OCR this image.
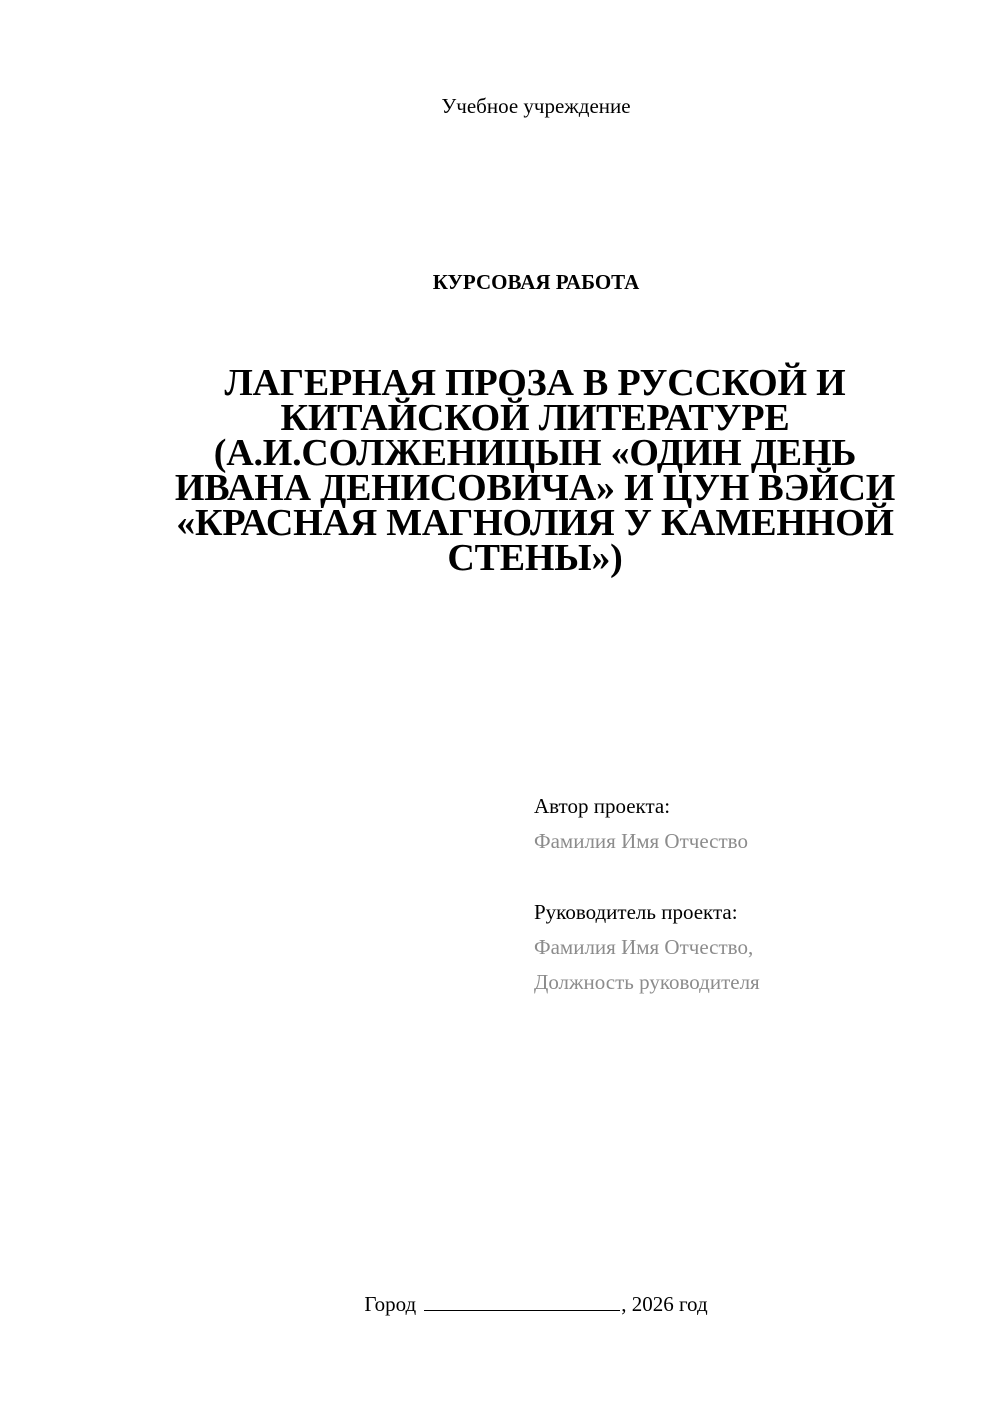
Учебное учреждение
КУРСОВАЯ РАБОТА
ЛАГЕРНАЯ ПРОЗА В РУССКОЙ И
КИТАЙСКОЙ ЛИТЕРАТУРЕ
(А.И.СОЛЖЕНИЦЫН «ОДИН ДЕНЬ
ИВАНА ДЕНИСОВИЧА» И ЦУН ВЭЙСИ
«КРАСНАЯ МАГНОЛИЯ У КАМЕННОЙ
СТЕНЫ»)
Автор проекта:
Фамилия Имя Отчество
Руководитель проекта:
Фамилия Имя Отчество,
Должность руководителя
Город	, 2026 год
